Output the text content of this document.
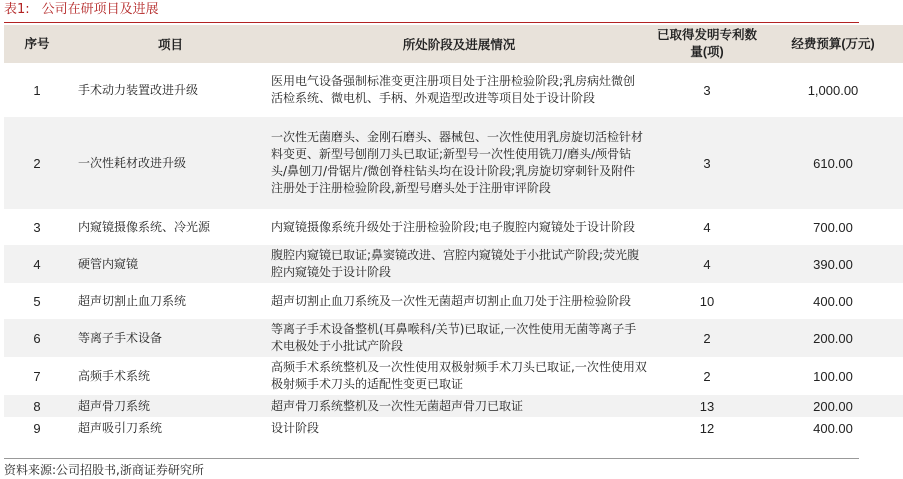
表1: 公司在研项目及进展
序号	项目	所处阶段及进展情况	已取得发明专利数量(项)	经费预算(万元)
1	手术动力装置改进升级	医用电气设备强制标准变更注册项目处于注册检验阶段;乳房病灶微创活检系统、微电机、手柄、外观造型改进等项目处于设计阶段	3	1,000.00
2	一次性耗材改进升级	一次性无菌磨头、金刚石磨头、器械包、一次性使用乳房旋切活检针材料变更、新型号刨削刀头已取证;新型号一次性使用铣刀/磨头/颅骨钻头/鼻刨刀/骨锯片/微创脊柱钻头均在设计阶段;乳房旋切穿刺针及附件注册处于注册检验阶段,新型号磨头处于注册审评阶段	3	610.00
3	内窥镜摄像系统、冷光源	内窥镜摄像系统升级处于注册检验阶段;电子腹腔内窥镜处于设计阶段	4	700.00
4	硬管内窥镜	腹腔内窥镜已取证;鼻窦镜改进、宫腔内窥镜处于小批试产阶段;荧光腹腔内窥镜处于设计阶段	4	390.00
5	超声切割止血刀系统	超声切割止血刀系统及一次性无菌超声切割止血刀处于注册检验阶段	10	400.00
6	等离子手术设备	等离子手术设备整机(耳鼻喉科/关节)已取证,一次性使用无菌等离子手术电极处于小批试产阶段	2	200.00
7	高频手术系统	高频手术系统整机及一次性使用双极射频手术刀头已取证,一次性使用双极射频手术刀头的适配性变更已取证	2	100.00
8	超声骨刀系统	超声骨刀系统整机及一次性无菌超声骨刀已取证	13	200.00
9	超声吸引刀系统	设计阶段	12	400.00
资料来源:公司招股书,浙商证券研究所
